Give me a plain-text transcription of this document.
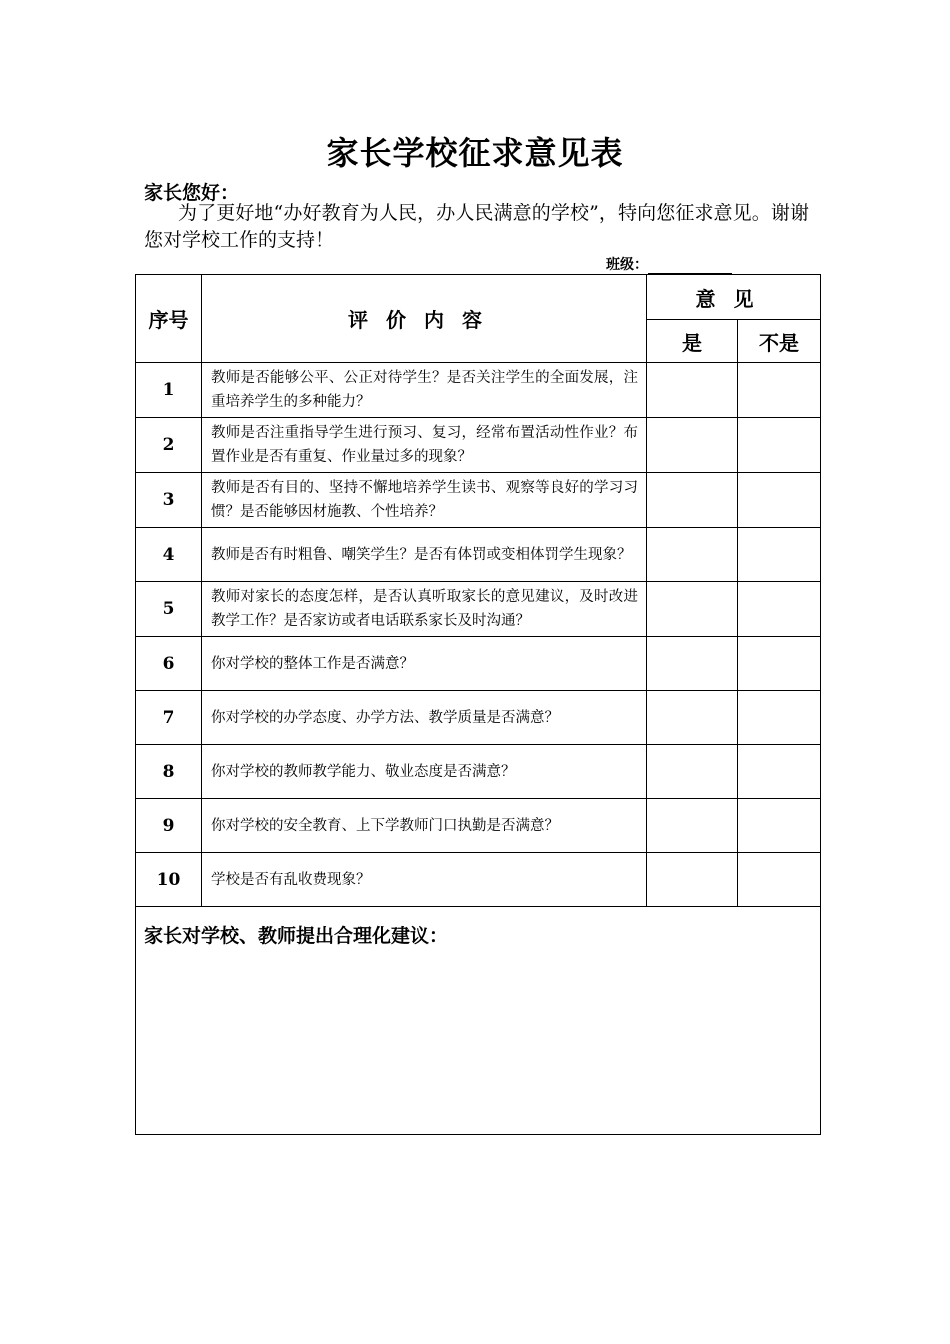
家长学校征求意见表
家长您好：
为了更好地“办好教育为人民，办人民满意的学校”，特向您征求意见。谢谢您对学校工作的支持！
班级：
序号	评价内容	意见	
		是	不是
1	教师是否能够公平、公正对待学生？是否关注学生的全面发展，注重培养学生的多种能力？		
2	教师是否注重指导学生进行预习、复习，经常布置活动性作业？布置作业是否有重复、作业量过多的现象？		
3	教师是否有目的、坚持不懈地培养学生读书、观察等良好的学习习惯？是否能够因材施教、个性培养？		
4	教师是否有时粗鲁、嘲笑学生？是否有体罚或变相体罚学生现象？		
5	教师对家长的态度怎样，是否认真听取家长的意见建议，及时改进教学工作？是否家访或者电话联系家长及时沟通？		
6	你对学校的整体工作是否满意？		
7	你对学校的办学态度、办学方法、教学质量是否满意？		
8	你对学校的教师教学能力、敬业态度是否满意？		
9	你对学校的安全教育、上下学教师门口执勤是否满意？		
10	学校是否有乱收费现象？		
家长对学校、教师提出合理化建议：			
